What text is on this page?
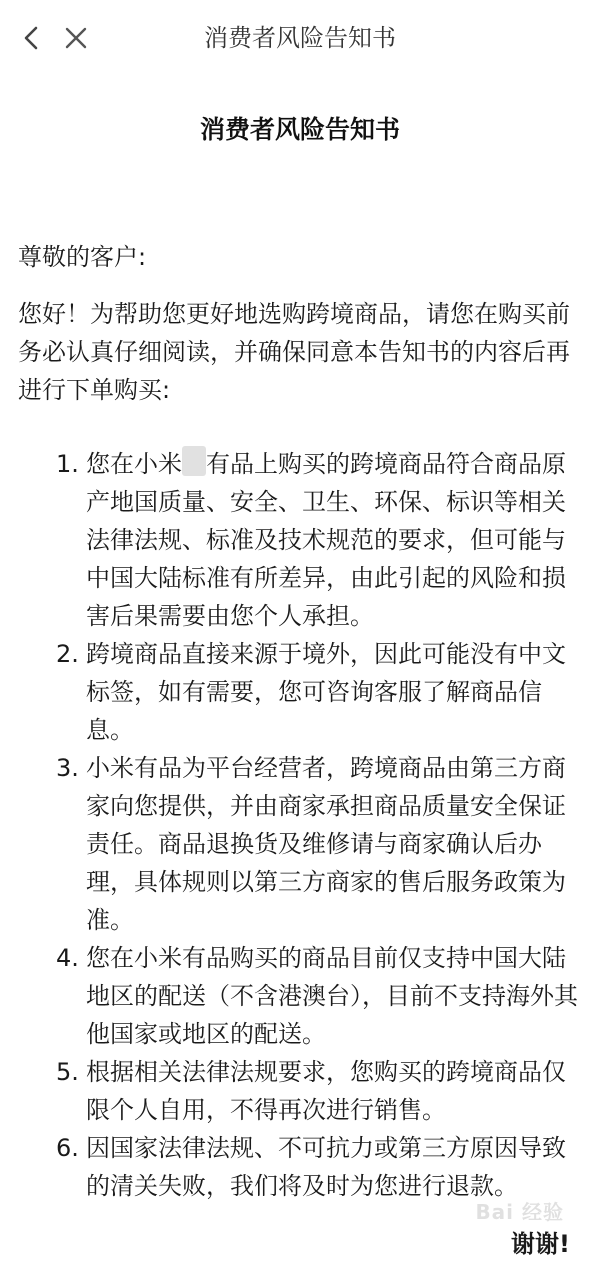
消费者风险告知书
消费者风险告知书

尊敬的客户:

您好！为帮助您更好地选购跨境商品，请您在购买前务必认真仔细阅读，并确保同意本告知书的内容后再进行下单购买:

1. 您在小米 有品上购买的跨境商品符合商品原产地国质量、安全、卫生、环保、标识等相关法律法规、标准及技术规范的要求，但可能与中国大陆标准有所差异，由此引起的风险和损害后果需要由您个人承担。
2. 跨境商品直接来源于境外，因此可能没有中文标签，如有需要，您可咨询客服了解商品信息。
3. 小米有品为平台经营者，跨境商品由第三方商家向您提供，并由商家承担商品质量安全保证责任。商品退换货及维修请与商家确认后办理，具体规则以第三方商家的售后服务政策为准。
4. 您在小米有品购买的商品目前仅支持中国大陆地区的配送（不含港澳台），目前不支持海外其他国家或地区的配送。
5. 根据相关法律法规要求，您购买的跨境商品仅限个人自用，不得再次进行销售。
6. 因国家法律法规、不可抗力或第三方原因导致的清关失败，我们将及时为您进行退款。
Bai 经验
谢谢!
